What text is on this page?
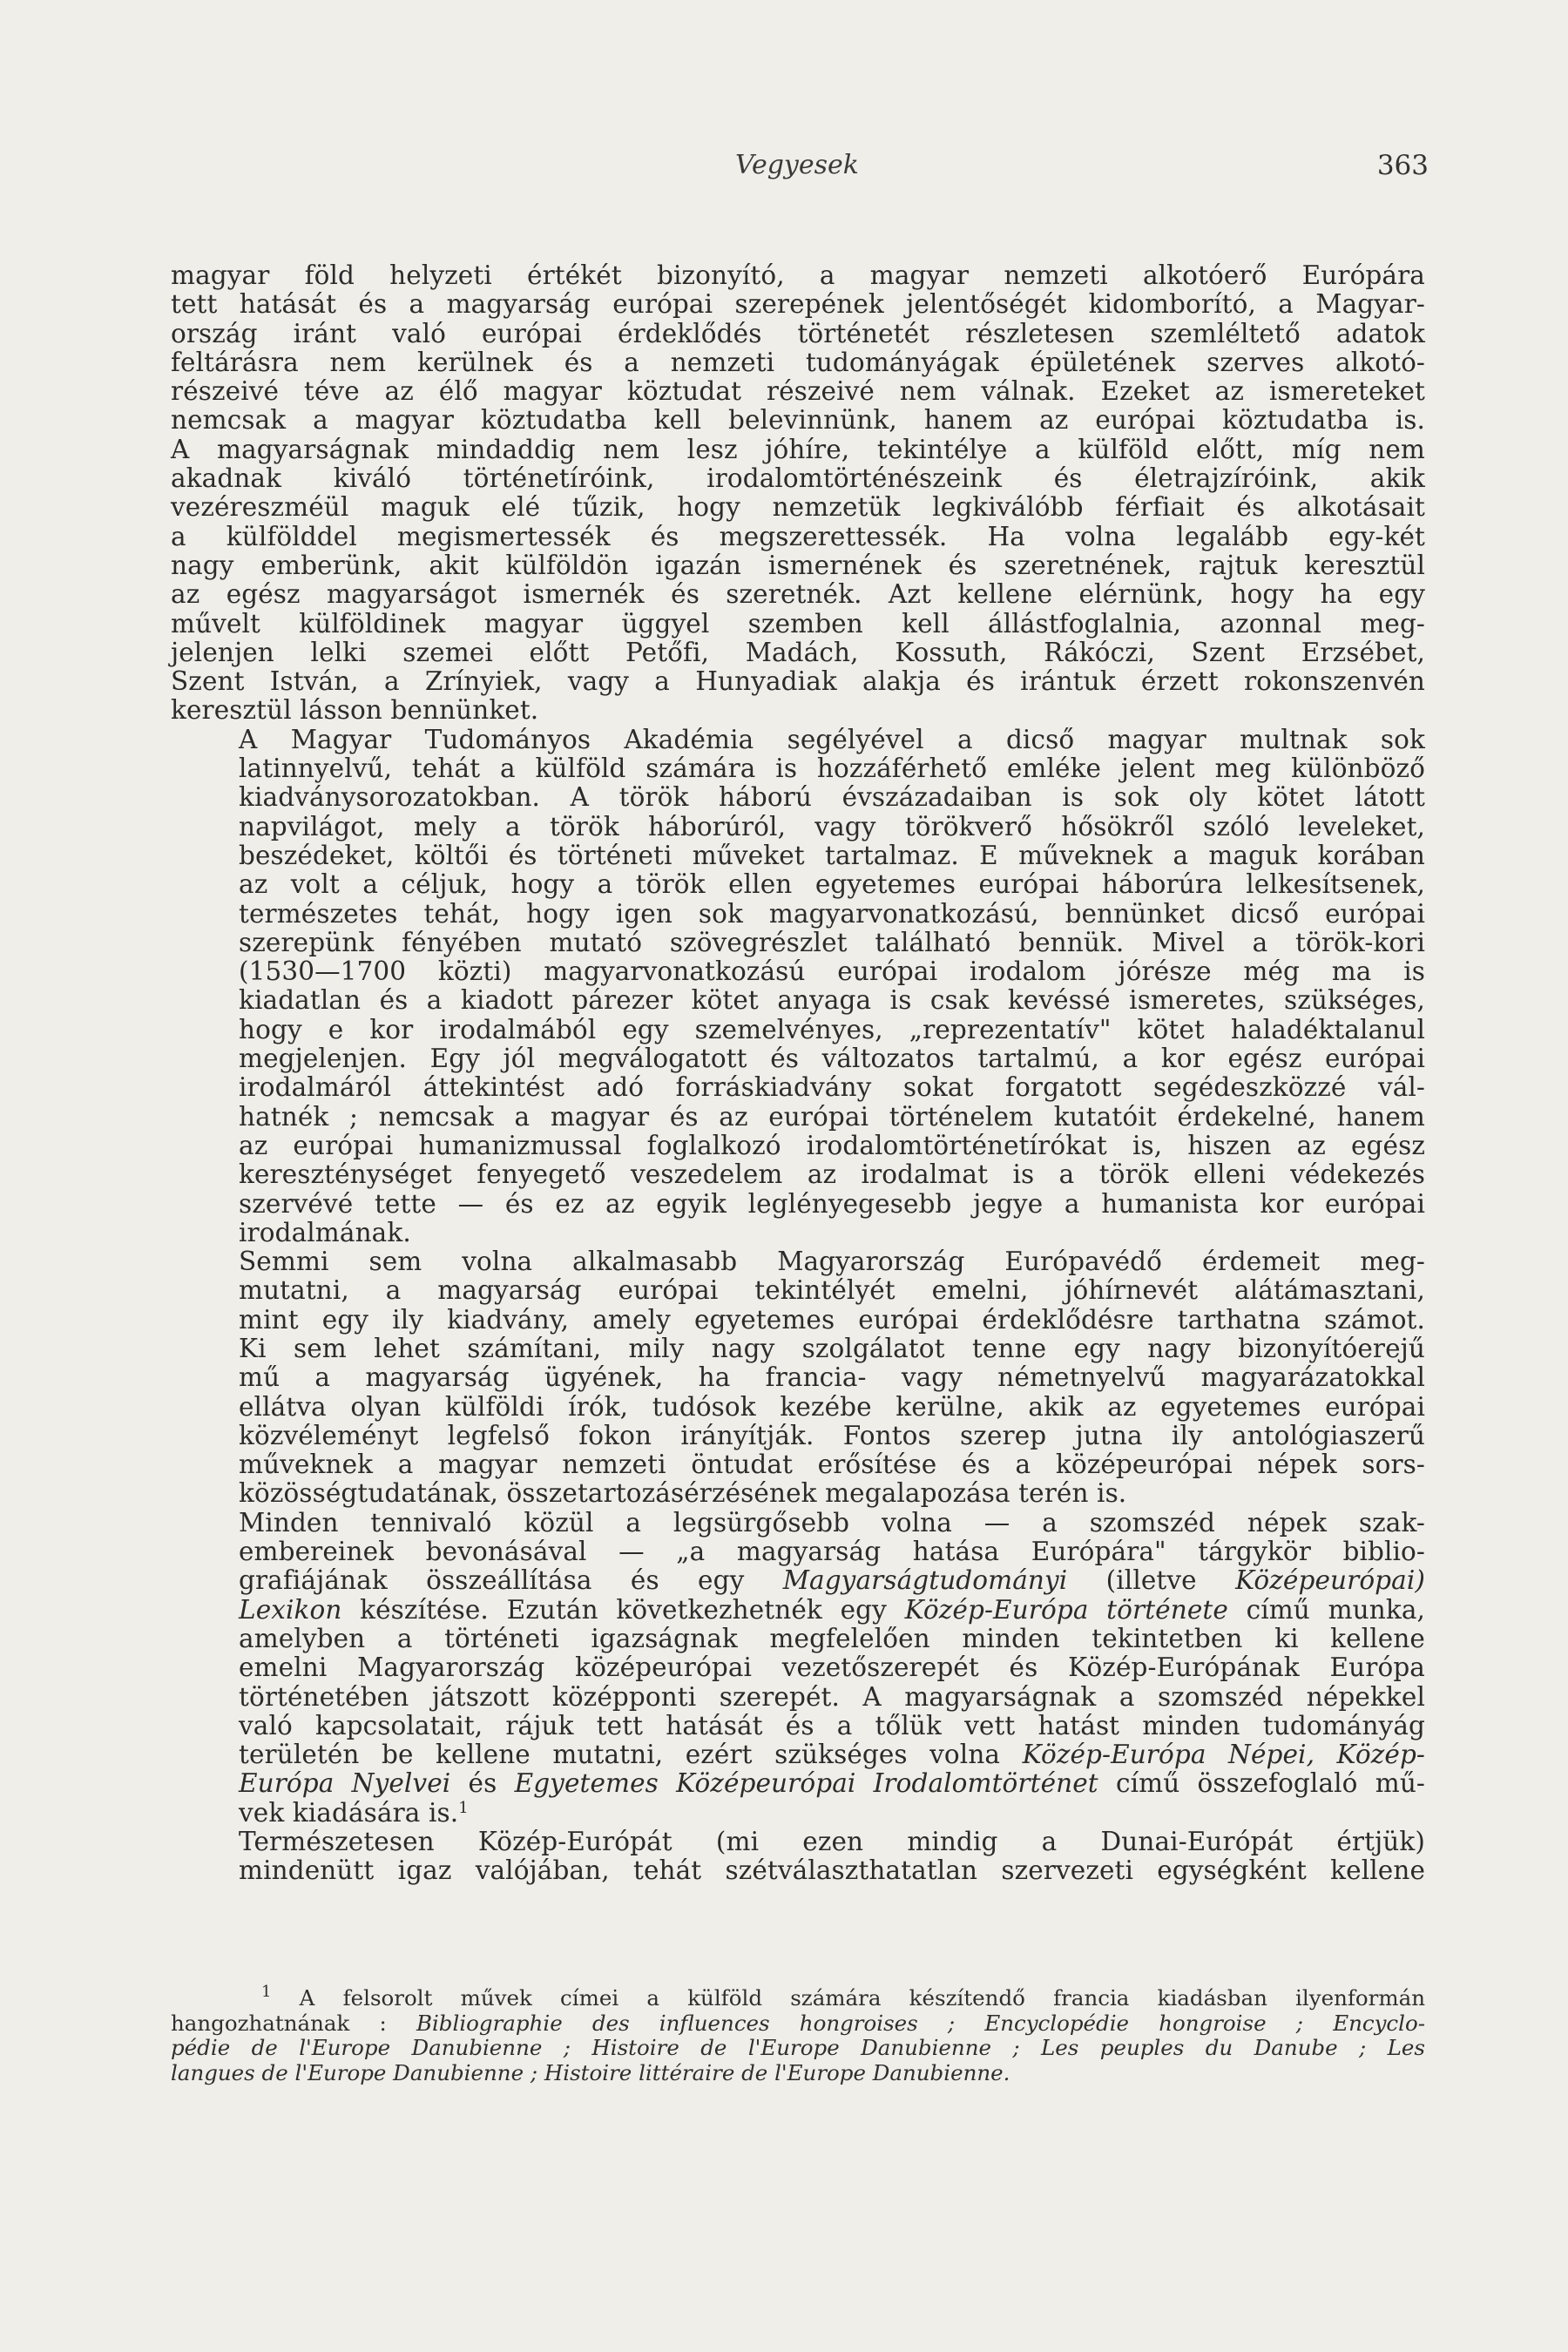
Vegyesek	363

magyar föld helyzeti értékét bizonyító, a magyar nemzeti alkotóerő Európára
tett hatását és a magyarság európai szerepének jelentőségét kidomborító, a Magyar-
ország iránt való európai érdeklődés történetét részletesen szemléltető adatok
feltárásra nem kerülnek és a nemzeti tudományágak épületének szerves alkotó-
részeivé téve az élő magyar köztudat részeivé nem válnak. Ezeket az ismereteket
nemcsak a magyar köztudatba kell belevinnünk, hanem az európai köztudatba is.
A magyarságnak mindaddig nem lesz jóhíre, tekintélye a külföld előtt, míg nem
akadnak kiváló történetíróink, irodalomtörténészeink és életrajzíróink, akik
vezéreszméül maguk elé tűzik, hogy nemzetük legkiválóbb férfiait és alkotásait
a külfölddel megismertessék és megszerettessék. Ha volna legalább egy-két
nagy emberünk, akit külföldön igazán ismernének és szeretnének, rajtuk keresztül
az egész magyarságot ismernék és szeretnék. Azt kellene elérnünk, hogy ha egy
művelt külföldinek magyar üggyel szemben kell állástfoglalnia, azonnal meg-
jelenjen lelki szemei előtt Petőfi, Madách, Kossuth, Rákóczi, Szent Erzsébet,
Szent István, a Zrínyiek, vagy a Hunyadiak alakja és irántuk érzett rokonszenvén
keresztül lásson bennünket.

A Magyar Tudományos Akadémia segélyével a dicső magyar multnak sok
latinnyelvű, tehát a külföld számára is hozzáférhető emléke jelent meg különböző
kiadványsorozatokban. A török háború évszázadaiban is sok oly kötet látott
napvilágot, mely a török háborúról, vagy törökverő hősökről szóló leveleket,
beszédeket, költői és történeti műveket tartalmaz. E műveknek a maguk korában
az volt a céljuk, hogy a török ellen egyetemes európai háborúra lelkesítsenek,
természetes tehát, hogy igen sok magyarvonatkozású, bennünket dicső európai
szerepünk fényében mutató szövegrészlet található bennük. Mivel a török-kori
(1530—1700 közti) magyarvonatkozású európai irodalom jórésze még ma is
kiadatlan és a kiadott párezer kötet anyaga is csak kevéssé ismeretes, szükséges,
hogy e kor irodalmából egy szemelvényes, „reprezentatív" kötet haladéktalanul
megjelenjen. Egy jól megválogatott és változatos tartalmú, a kor egész európai
irodalmáról áttekintést adó forráskiadvány sokat forgatott segédeszközzé vál-
hatnék ; nemcsak a magyar és az európai történelem kutatóit érdekelné, hanem
az európai humanizmussal foglalkozó irodalomtörténetírókat is, hiszen az egész
kereszténységet fenyegető veszedelem az irodalmat is a török elleni védekezés
szervévé tette — és ez az egyik leglényegesebb jegye a humanista kor európai
irodalmának.

Semmi sem volna alkalmasabb Magyarország Európavédő érdemeit meg-
mutatni, a magyarság európai tekintélyét emelni, jóhírnevét alátámasztani,
mint egy ily kiadvány, amely egyetemes európai érdeklődésre tarthatna számot.
Ki sem lehet számítani, mily nagy szolgálatot tenne egy nagy bizonyítóerejű
mű a magyarság ügyének, ha francia- vagy németnyelvű magyarázatokkal
ellátva olyan külföldi írók, tudósok kezébe kerülne, akik az egyetemes európai
közvéleményt legfelső fokon irányítják. Fontos szerep jutna ily antológiaszerű
műveknek a magyar nemzeti öntudat erősítése és a középeurópai népek sors-
közösségtudatának, összetartozásérzésének megalapozása terén is.

Minden tennivaló közül a legsürgősebb volna — a szomszéd népek szak-
embereinek bevonásával — „a magyarság hatása Európára" tárgykör biblio-
grafiájának összeállítása és egy Magyarságtudományi (illetve Középeurópai)
Lexikon készítése. Ezután következhetnék egy Közép-Európa története című munka,
amelyben a történeti igazságnak megfelelően minden tekintetben ki kellene
emelni Magyarország középeurópai vezetőszerepét és Közép-Európának Európa
történetében játszott középponti szerepét. A magyarságnak a szomszéd népekkel
való kapcsolatait, rájuk tett hatását és a tőlük vett hatást minden tudományág
területén be kellene mutatni, ezért szükséges volna Közép-Európa Népei, Közép-
Európa Nyelvei és Egyetemes Középeurópai Irodalomtörténet című összefoglaló mű-
vek kiadására is.$^1$

Természetesen Közép-Európát (mi ezen mindig a Dunai-Európát értjük)
mindenütt igaz valójában, tehát szétválaszthatatlan szervezeti egységként kellene

$^1$ A felsorolt művek címei a külföld számára készítendő francia kiadásban ilyenformán
hangozhatnának : Bibliographie des influences hongroises ; Encyclopédie hongroise ; Encyclo-
pédie de l'Europe Danubienne ; Histoire de l'Europe Danubienne ; Les peuples du Danube ; Les
langues de l'Europe Danubienne ; Histoire littéraire de l'Europe Danubienne.
